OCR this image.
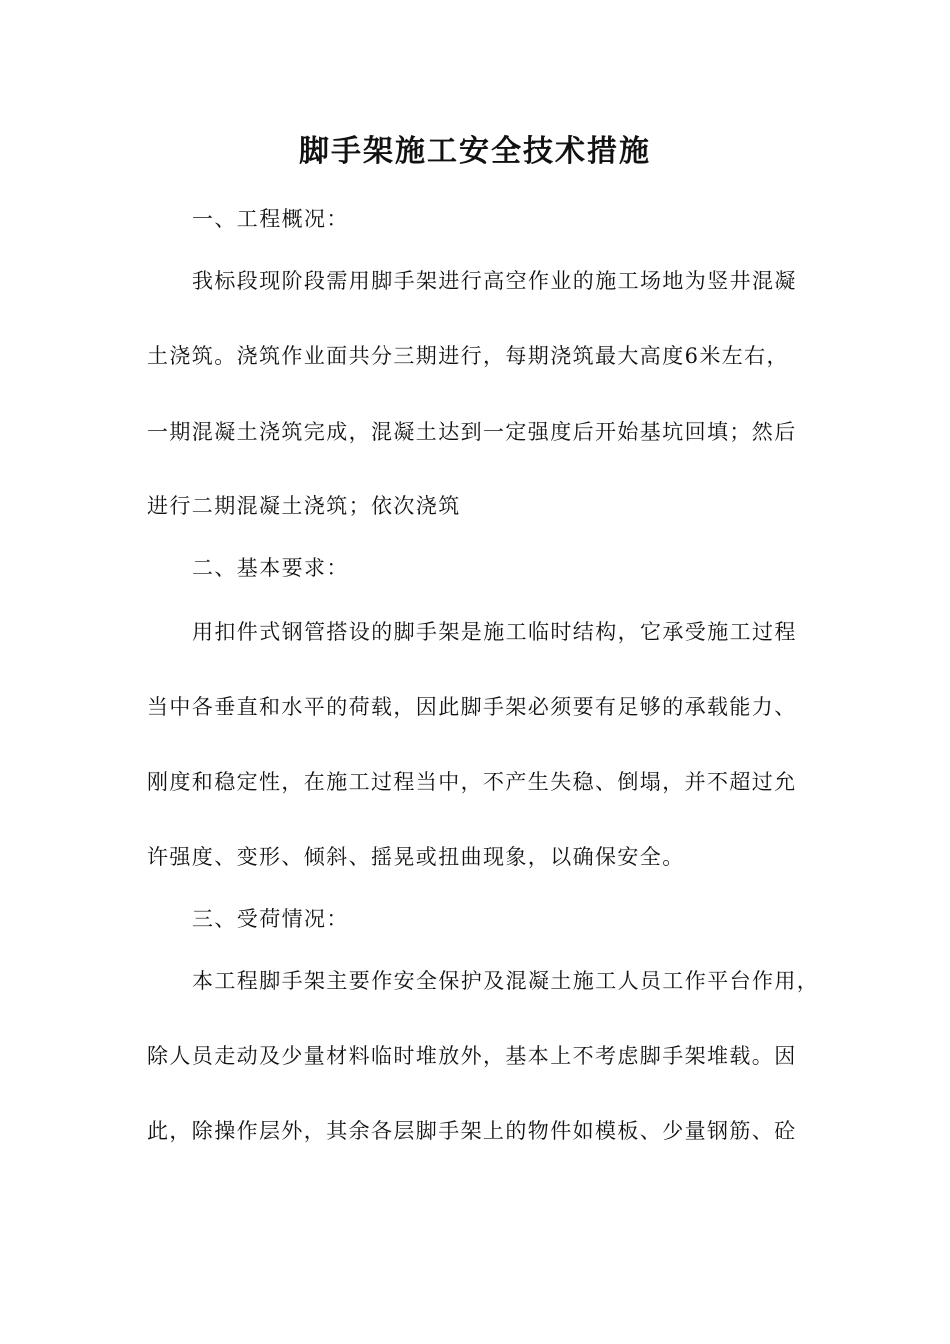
脚手架施工安全技术措施
一、工程概况：
我标段现阶段需用脚手架进行高空作业的施工场地为竖井混凝
土浇筑。浇筑作业面共分三期进行，每期浇筑最大高度6米左右，
一期混凝土浇筑完成，混凝土达到一定强度后开始基坑回填；然后
进行二期混凝土浇筑；依次浇筑
二、基本要求：
用扣件式钢管搭设的脚手架是施工临时结构，它承受施工过程
当中各垂直和水平的荷载，因此脚手架必须要有足够的承载能力、
刚度和稳定性，在施工过程当中，不产生失稳、倒塌，并不超过允
许强度、变形、倾斜、摇晃或扭曲现象，以确保安全。
三、受荷情况：
本工程脚手架主要作安全保护及混凝土施工人员工作平台作用，
除人员走动及少量材料临时堆放外，基本上不考虑脚手架堆载。因
此，除操作层外，其余各层脚手架上的物件如模板、少量钢筋、砼
